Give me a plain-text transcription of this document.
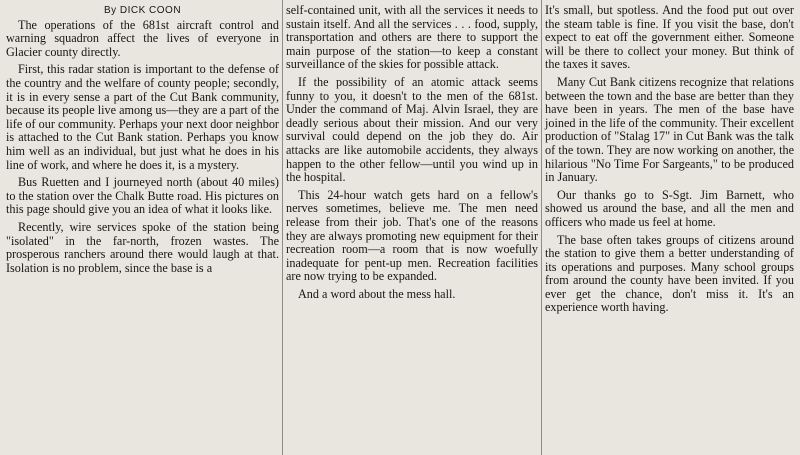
By DICK COON

The operations of the 681st aircraft control and warning squadron affect the lives of everyone in Glacier county directly.

First, this radar station is important to the defense of the country and the welfare of county people; secondly, it is in every sense a part of the Cut Bank community, because its people live among us—they are a part of the life of our community. Perhaps your next door neighbor is attached to the Cut Bank station. Perhaps you know him well as an individual, but just what he does in his line of work, and where he does it, is a mystery.

Bus Ruetten and I journeyed north (about 40 miles) to the station over the Chalk Butte road. His pictures on this page should give you an idea of what it looks like.

Recently, wire services spoke of the station being "isolated" in the far-north, frozen wastes. The prosperous ranchers around there would laugh at that. Isolation is no problem, since the base is a

self-contained unit, with all the services it needs to sustain itself. And all the services . . . food, supply, transportation and others are there to support the main purpose of the station—to keep a constant surveillance of the skies for possible attack.

If the possibility of an atomic attack seems funny to you, it doesn't to the men of the 681st. Under the command of Maj. Alvin Israel, they are deadly serious about their mission. And our very survival could depend on the job they do. Air attacks are like automobile accidents, they always happen to the other fellow—until you wind up in the hospital.

This 24-hour watch gets hard on a fellow's nerves sometimes, believe me. The men need release from their job. That's one of the reasons they are always promoting new equipment for their recreation room—a room that is now woefully inadequate for pent-up men. Recreation facilities are now trying to be expanded.

And a word about the mess hall.

It's small, but spotless. And the food put out over the steam table is fine. If you visit the base, don't expect to eat off the government either. Someone will be there to collect your money. But think of the taxes it saves.

Many Cut Bank citizens recognize that relations between the town and the base are better than they have been in years. The men of the base have joined in the life of the community. Their excellent production of "Stalag 17" in Cut Bank was the talk of the town. They are now working on another, the hilarious "No Time For Sargeants," to be produced in January.

Our thanks go to S-Sgt. Jim Barnett, who showed us around the base, and all the men and officers who made us feel at home.

The base often takes groups of citizens around the station to give them a better understanding of its operations and purposes. Many school groups from around the county have been invited. If you ever get the chance, don't miss it. It's an experience worth having.
